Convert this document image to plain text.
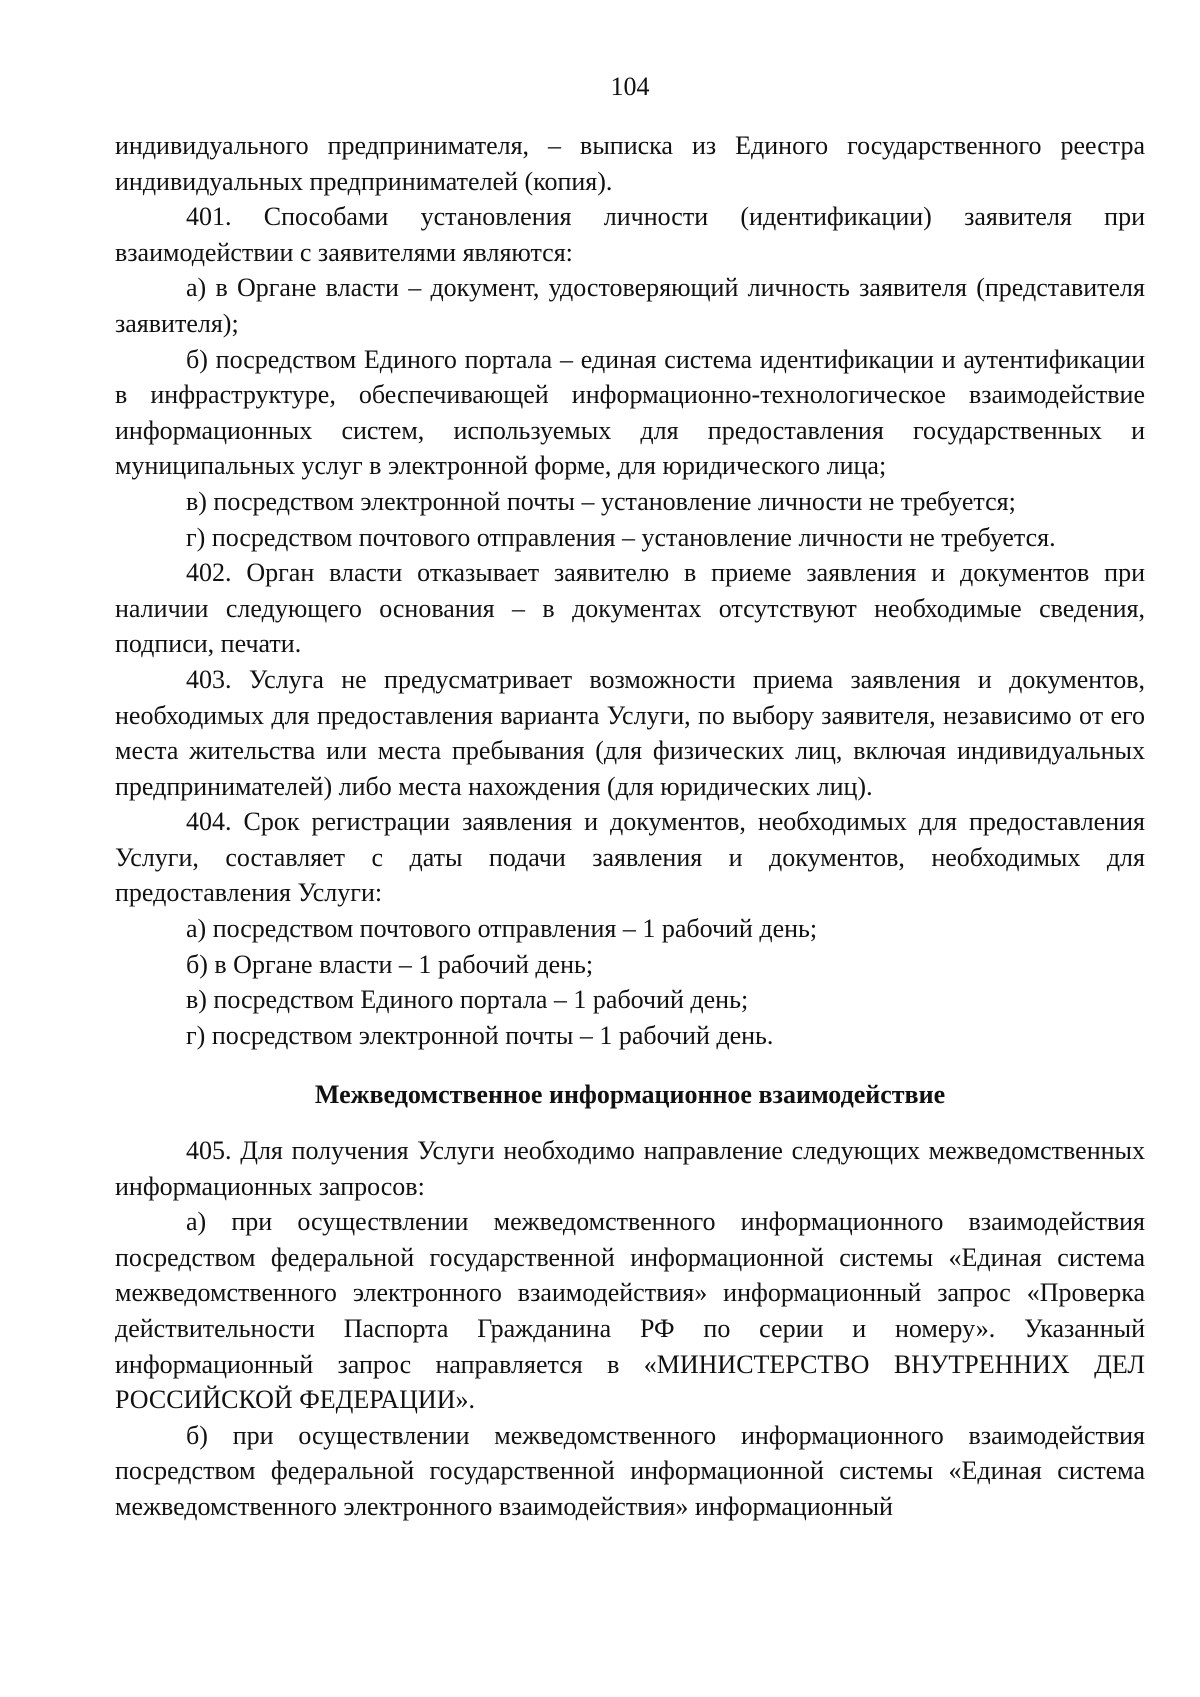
104

индивидуального предпринимателя, – выписка из Единого государственного реестра индивидуальных предпринимателей (копия).

401. Способами установления личности (идентификации) заявителя при взаимодействии с заявителями являются:

а) в Органе власти – документ, удостоверяющий личность заявителя (представителя заявителя);

б) посредством Единого портала – единая система идентификации и аутентификации в инфраструктуре, обеспечивающей информационно-технологическое взаимодействие информационных систем, используемых для предоставления государственных и муниципальных услуг в электронной форме, для юридического лица;

в) посредством электронной почты – установление личности не требуется;

г) посредством почтового отправления – установление личности не требуется.

402. Орган власти отказывает заявителю в приеме заявления и документов при наличии следующего основания – в документах отсутствуют необходимые сведения, подписи, печати.

403. Услуга не предусматривает возможности приема заявления и документов, необходимых для предоставления варианта Услуги, по выбору заявителя, независимо от его места жительства или места пребывания (для физических лиц, включая индивидуальных предпринимателей) либо места нахождения (для юридических лиц).

404. Срок регистрации заявления и документов, необходимых для предоставления Услуги, составляет с даты подачи заявления и документов, необходимых для предоставления Услуги:

а) посредством почтового отправления – 1 рабочий день;

б) в Органе власти – 1 рабочий день;

в) посредством Единого портала – 1 рабочий день;

г) посредством электронной почты – 1 рабочий день.

Межведомственное информационное взаимодействие

405. Для получения Услуги необходимо направление следующих межведомственных информационных запросов:

а) при осуществлении межведомственного информационного взаимодействия посредством федеральной государственной информационной системы «Единая система межведомственного электронного взаимодействия» информационный запрос «Проверка действительности Паспорта Гражданина РФ по серии и номеру». Указанный информационный запрос направляется в «МИНИСТЕРСТВО ВНУТРЕННИХ ДЕЛ РОССИЙСКОЙ ФЕДЕРАЦИИ».

б) при осуществлении межведомственного информационного взаимодействия посредством федеральной государственной информационной системы «Единая система межведомственного электронного взаимодействия» информационный
